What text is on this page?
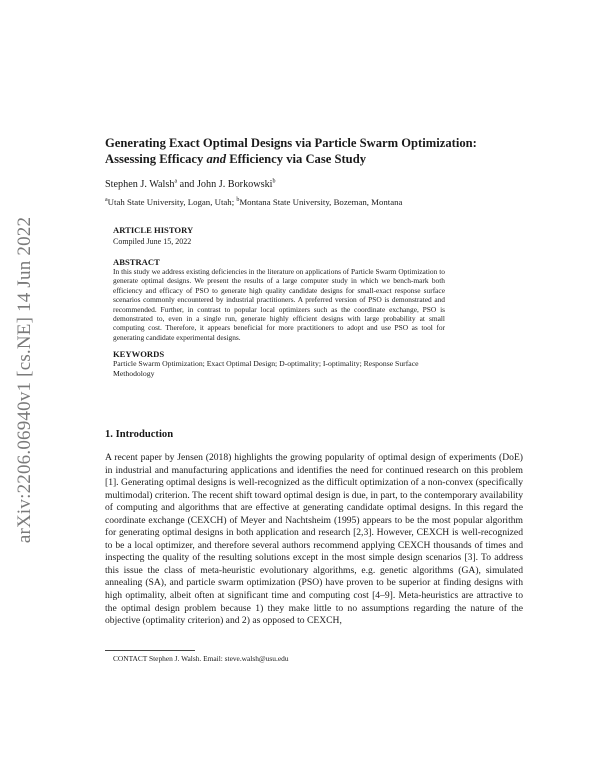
arXiv:2206.06940v1 [cs.NE] 14 Jun 2022
Generating Exact Optimal Designs via Particle Swarm Optimization:
Assessing Efficacy and Efficiency via Case Study
Stephen J. Walsh$^a$ and John J. Borkowski$^b$
$^a$Utah State University, Logan, Utah; $^b$Montana State University, Bozeman, Montana
ARTICLE HISTORY
Compiled June 15, 2022
ABSTRACT
In this study we address existing deficiencies in the literature on applications of Particle Swarm Optimization to generate optimal designs. We present the results of a large computer study in which we bench-mark both efficiency and efficacy of PSO to generate high quality candidate designs for small-exact response surface scenarios commonly encountered by industrial practitioners. A preferred version of PSO is demonstrated and recommended. Further, in contrast to popular local optimizers such as the coordinate exchange, PSO is demonstrated to, even in a single run, generate highly efficient designs with large probability at small computing cost. Therefore, it appears beneficial for more practitioners to adopt and use PSO as tool for generating candidate experimental designs.
KEYWORDS
Particle Swarm Optimization; Exact Optimal Design; D-optimality; I-optimality; Response Surface Methodology
1. Introduction
A recent paper by Jensen (2018) highlights the growing popularity of optimal design of experiments (DoE) in industrial and manufacturing applications and identifies the need for continued research on this problem [1]. Generating optimal designs is well-recognized as the difficult optimization of a non-convex (specifically multimodal) criterion. The recent shift toward optimal design is due, in part, to the contemporary availability of computing and algorithms that are effective at generating candidate optimal designs. In this regard the coordinate exchange (CEXCH) of Meyer and Nachtsheim (1995) appears to be the most popular algorithm for generating optimal designs in both application and research [2,3]. However, CEXCH is well-recognized to be a local optimizer, and therefore several authors recommend applying CEXCH thousands of times and inspecting the quality of the resulting solutions except in the most simple design scenarios [3]. To address this issue the class of meta-heuristic evolutionary algorithms, e.g. genetic algorithms (GA), simulated annealing (SA), and particle swarm optimization (PSO) have proven to be superior at finding designs with high optimality, albeit often at significant time and computing cost [4–9]. Meta-heuristics are attractive to the optimal design problem because 1) they make little to no assumptions regarding the nature of the objective (optimality criterion) and 2) as opposed to CEXCH,
CONTACT Stephen J. Walsh. Email: steve.walsh@usu.edu
